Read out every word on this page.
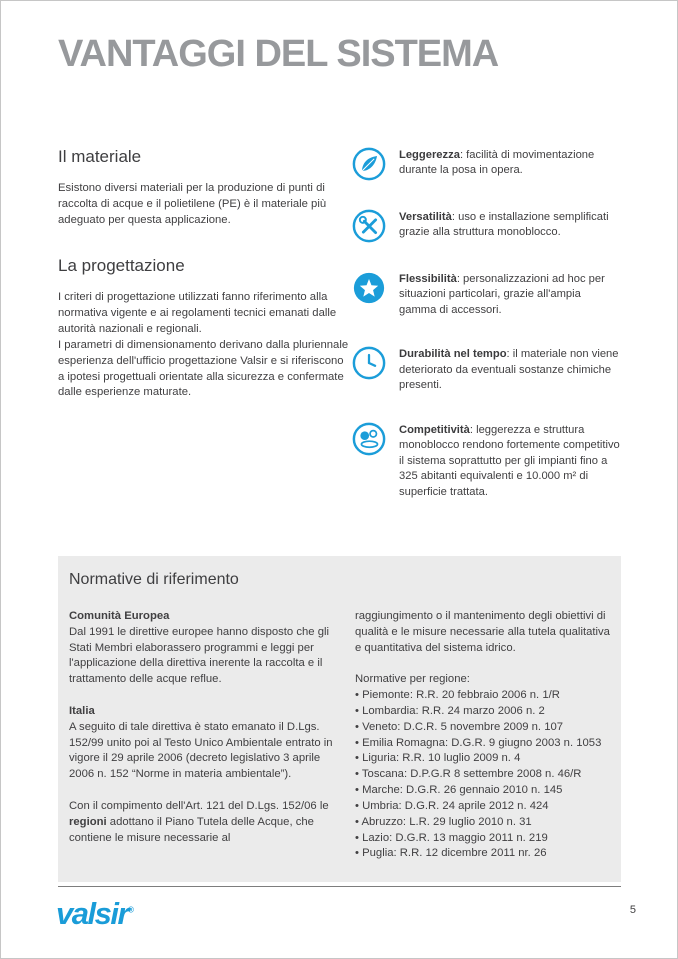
VANTAGGI DEL SISTEMA
Il materiale

Esistono diversi materiali per la produzione di punti di raccolta di acque e il polietilene (PE) è il materiale più adeguato per questa applicazione.

La progettazione

I criteri di progettazione utilizzati fanno riferimento alla normativa vigente e ai regolamenti tecnici emanati dalle autorità nazionali e regionali.
I parametri di dimensionamento derivano dalla pluriennale esperienza dell'ufficio progettazione Valsir e si riferiscono a ipotesi progettuali orientate alla sicurezza e confermate dalle esperienze maturate.

Leggerezza: facilità di movimentazione durante la posa in opera.

Versatilità: uso e installazione semplificati grazie alla struttura monoblocco.

Flessibilità: personalizzazioni ad hoc per situazioni particolari, grazie all'ampia gamma di accessori.

Durabilità nel tempo: il materiale non viene deteriorato da eventuali sostanze chimiche presenti.

Competitività: leggerezza e struttura monoblocco rendono fortemente competitivo il sistema soprattutto per gli impianti fino a 325 abitanti equivalenti e 10.000 m² di superficie trattata.

Normative di riferimento

Comunità Europea

Dal 1991 le direttive europee hanno disposto che gli Stati Membri elaborassero programmi e leggi per l'applicazione della direttiva inerente la raccolta e il trattamento delle acque reflue.

Italia

A seguito di tale direttiva è stato emanato il D.Lgs. 152/99 unito poi al Testo Unico Ambientale entrato in vigore il 29 aprile 2006 (decreto legislativo 3 aprile 2006 n. 152 “Norme in materia ambientale”).

Con il compimento dell'Art. 121 del D.Lgs. 152/06 le regioni adottano il Piano Tutela delle Acque, che contiene le misure necessarie al

raggiungimento o il mantenimento degli obiettivi di qualità e le misure necessarie alla tutela qualitativa e quantitativa del sistema idrico.

Normative per regione:

• Piemonte: R.R. 20 febbraio 2006 n. 1/R
• Lombardia: R.R. 24 marzo 2006 n. 2
• Veneto: D.C.R. 5 novembre 2009 n. 107
• Emilia Romagna: D.G.R. 9 giugno 2003 n. 1053
• Liguria: R.R. 10 luglio 2009 n. 4
• Toscana: D.P.G.R 8 settembre 2008 n. 46/R
• Marche: D.G.R. 26 gennaio 2010 n. 145
• Umbria: D.G.R. 24 aprile 2012 n. 424
• Abruzzo: L.R. 29 luglio 2010 n. 31
• Lazio: D.G.R. 13 maggio 2011 n. 219
• Puglia: R.R. 12 dicembre 2011 nr. 26
valsir®	5
